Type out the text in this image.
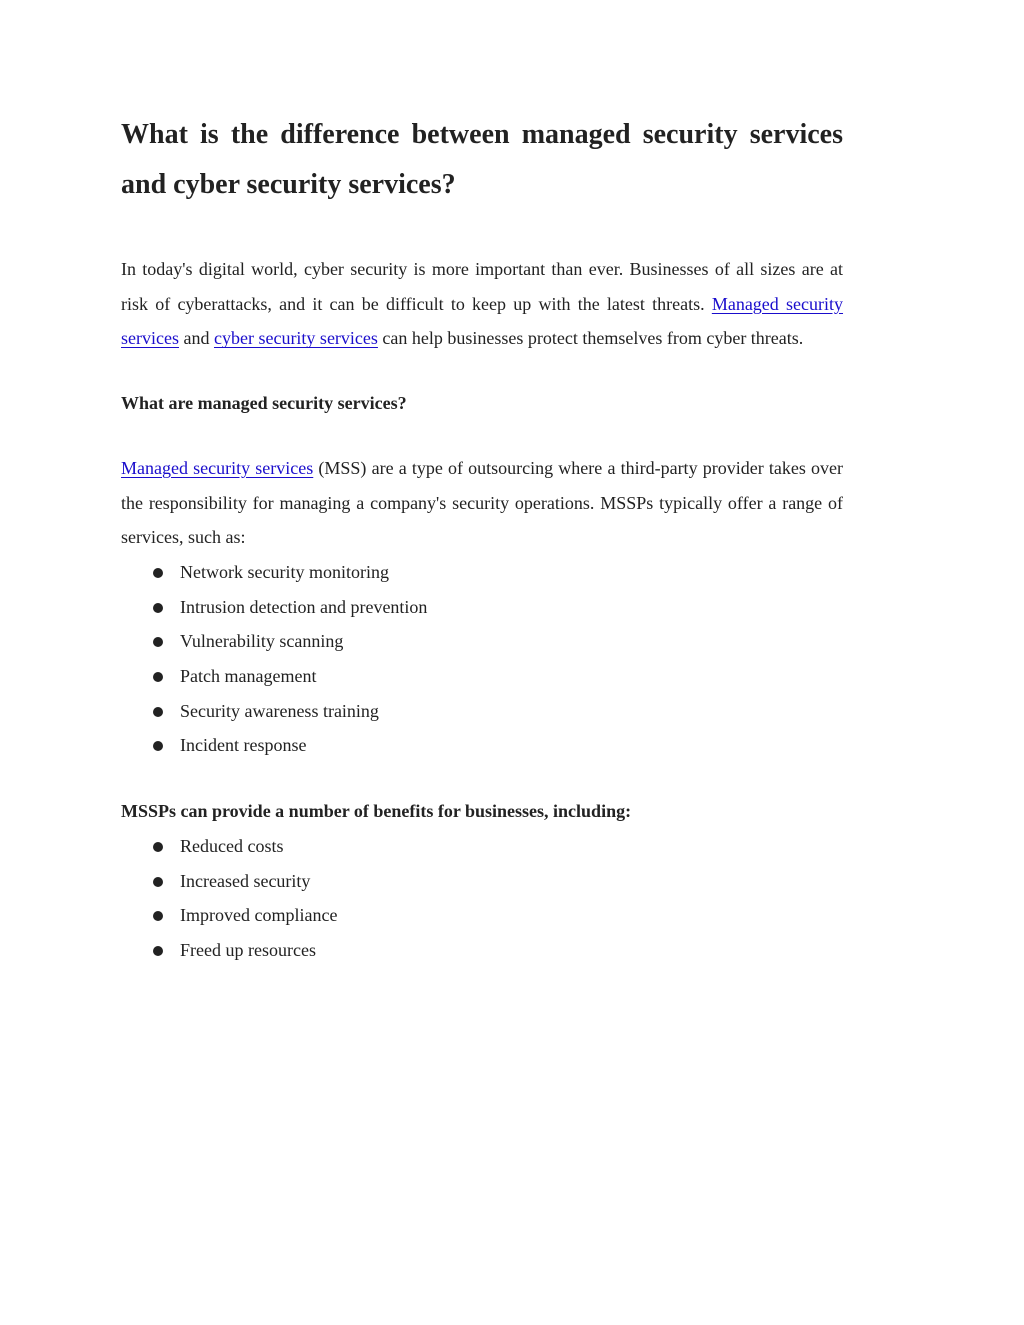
What is the difference between managed security services
and cyber security services?

In today's digital world, cyber security is more important than ever. Businesses of all sizes are at risk of cyberattacks, and it can be difficult to keep up with the latest threats. Managed security services and cyber security services can help businesses protect themselves from cyber threats.

What are managed security services?

Managed security services (MSS) are a type of outsourcing where a third-party provider takes over the responsibility for managing a company's security operations. MSSPs typically offer a range of services, such as:

Network security monitoring
Intrusion detection and prevention
Vulnerability scanning
Patch management
Security awareness training
Incident response
MSSPs can provide a number of benefits for businesses, including:
Reduced costs
Increased security
Improved compliance
Freed up resources
